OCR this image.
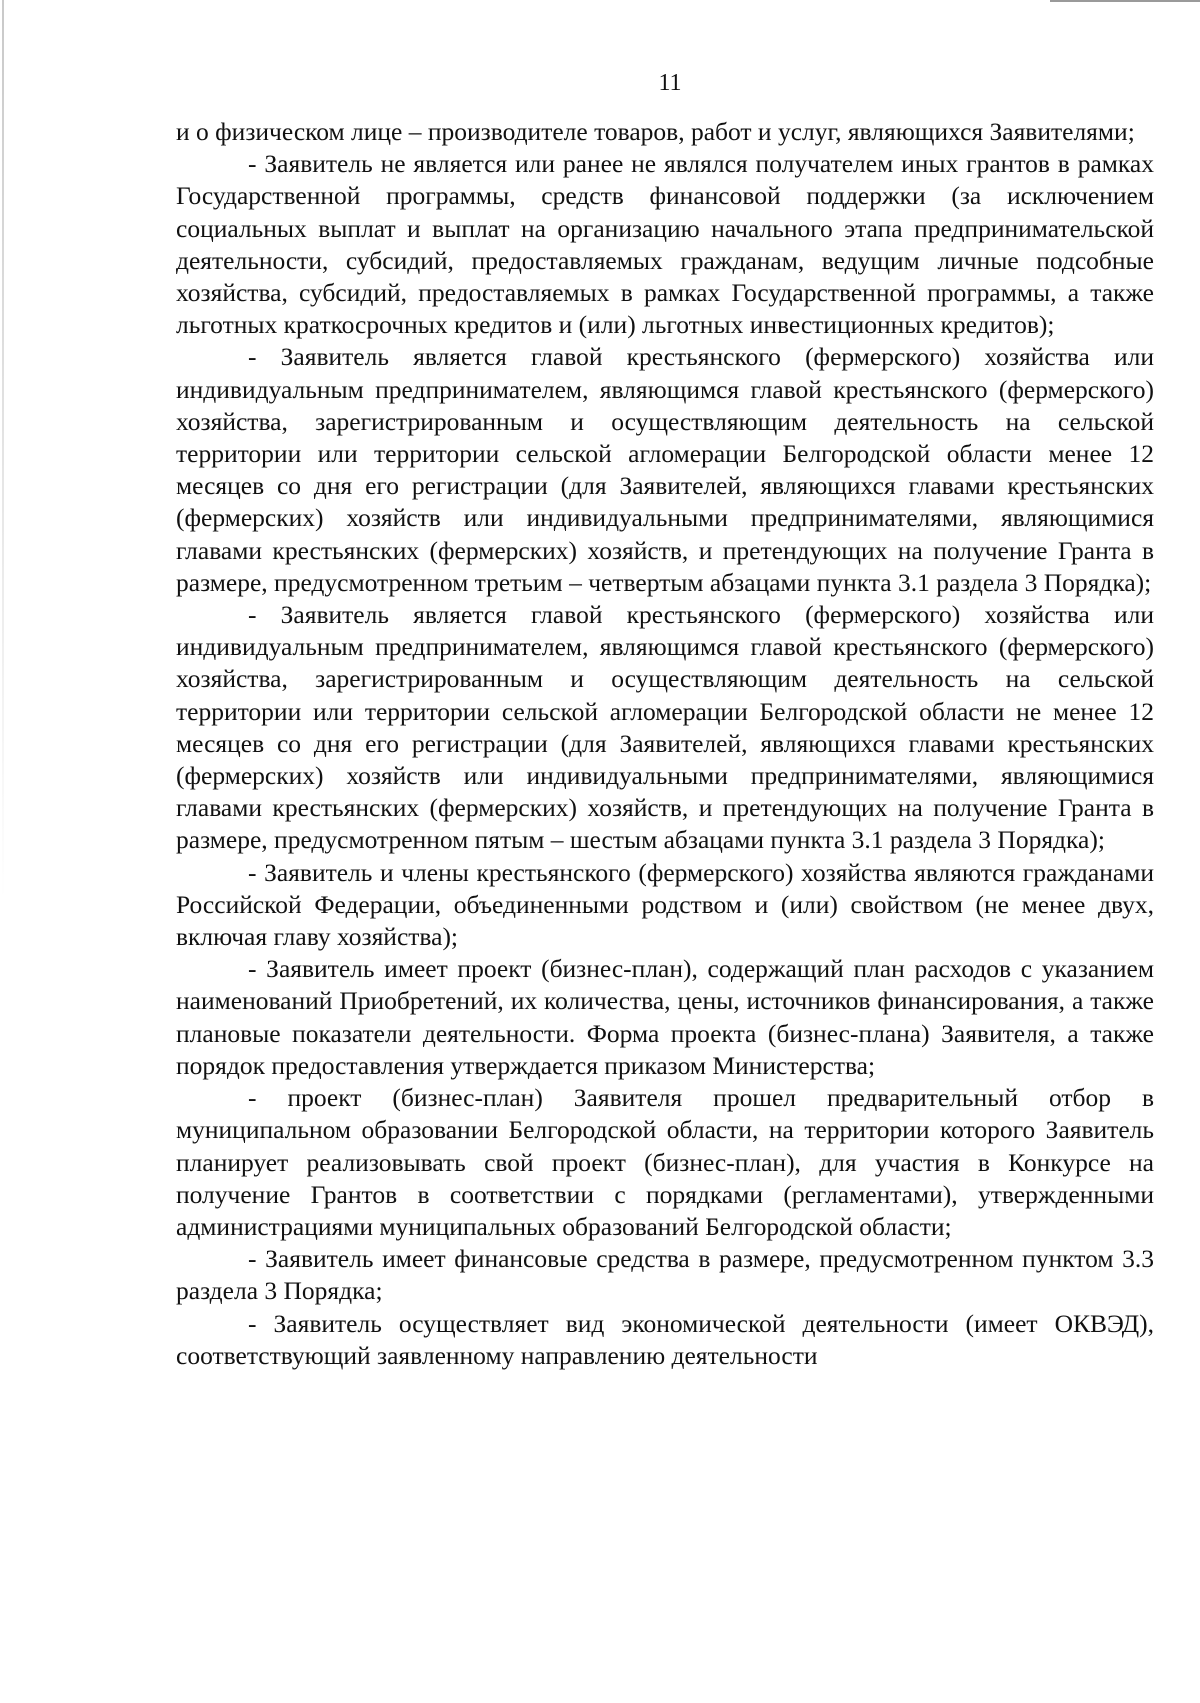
11

и о физическом лице – производителе товаров, работ и услуг, являющихся Заявителями;

- Заявитель не является или ранее не являлся получателем иных грантов в рамках Государственной программы, средств финансовой поддержки (за исключением социальных выплат и выплат на организацию начального этапа предпринимательской деятельности, субсидий, предоставляемых гражданам, ведущим личные подсобные хозяйства, субсидий, предоставляемых в рамках Государственной программы, а также льготных краткосрочных кредитов и (или) льготных инвестиционных кредитов);

- Заявитель является главой крестьянского (фермерского) хозяйства или индивидуальным предпринимателем, являющимся главой крестьянского (фермерского) хозяйства, зарегистрированным и осуществляющим деятельность на сельской территории или территории сельской агломерации Белгородской области менее 12 месяцев со дня его регистрации (для Заявителей, являющихся главами крестьянских (фермерских) хозяйств или индивидуальными предпринимателями, являющимися главами крестьянских (фермерских) хозяйств, и претендующих на получение Гранта в размере, предусмотренном третьим – четвертым абзацами пункта 3.1 раздела 3 Порядка);

- Заявитель является главой крестьянского (фермерского) хозяйства или индивидуальным предпринимателем, являющимся главой крестьянского (фермерского) хозяйства, зарегистрированным и осуществляющим деятельность на сельской территории или территории сельской агломерации Белгородской области не менее 12 месяцев со дня его регистрации (для Заявителей, являющихся главами крестьянских (фермерских) хозяйств или индивидуальными предпринимателями, являющимися главами крестьянских (фермерских) хозяйств, и претендующих на получение Гранта в размере, предусмотренном пятым – шестым абзацами пункта 3.1 раздела 3 Порядка);

- Заявитель и члены крестьянского (фермерского) хозяйства являются гражданами Российской Федерации, объединенными родством и (или) свойством (не менее двух, включая главу хозяйства);

- Заявитель имеет проект (бизнес-план), содержащий план расходов с указанием наименований Приобретений, их количества, цены, источников финансирования, а также плановые показатели деятельности. Форма проекта (бизнес-плана) Заявителя, а также порядок предоставления утверждается приказом Министерства;

- проект (бизнес-план) Заявителя прошел предварительный отбор в муниципальном образовании Белгородской области, на территории которого Заявитель планирует реализовывать свой проект (бизнес-план), для участия в Конкурсе на получение Грантов в соответствии с порядками (регламентами), утвержденными администрациями муниципальных образований Белгородской области;

- Заявитель имеет финансовые средства в размере, предусмотренном пунктом 3.3 раздела 3 Порядка;

- Заявитель осуществляет вид экономической деятельности (имеет ОКВЭД), соответствующий заявленному направлению деятельности
